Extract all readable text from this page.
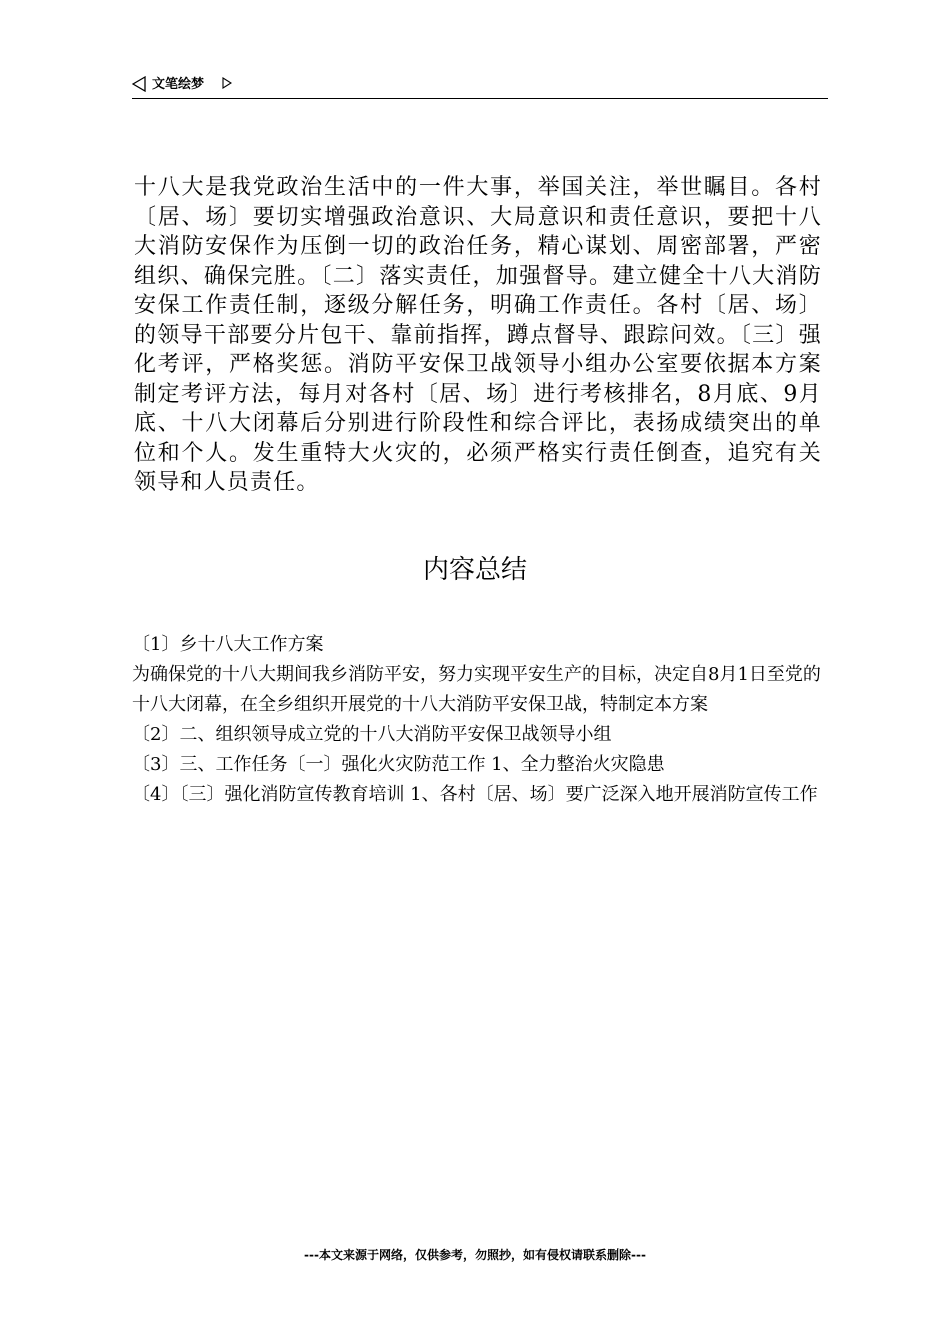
文笔绘梦

十八大是我党政治生活中的一件大事，举国关注，举世瞩目。各村〔居、场〕要切实增强政治意识、大局意识和责任意识，要把十八大消防安保作为压倒一切的政治任务，精心谋划、周密部署，严密组织、确保完胜。〔二〕落实责任，加强督导。建立健全十八大消防安保工作责任制，逐级分解任务，明确工作责任。各村〔居、场〕的领导干部要分片包干、靠前指挥，蹲点督导、跟踪问效。〔三〕强化考评，严格奖惩。消防平安保卫战领导小组办公室要依据本方案制定考评方法，每月对各村〔居、场〕进行考核排名，8月底、9月底、十八大闭幕后分别进行阶段性和综合评比，表扬成绩突出的单位和个人。发生重特大火灾的，必须严格实行责任倒查，追究有关领导和人员责任。

内容总结
〔1〕乡十八大工作方案
为确保党的十八大期间我乡消防平安，努力实现平安生产的目标，决定自8月1日至党的十八大闭幕，在全乡组织开展党的十八大消防平安保卫战，特制定本方案
〔2〕二、组织领导成立党的十八大消防平安保卫战领导小组
〔3〕三、工作任务〔一〕强化火灾防范工作 1、全力整治火灾隐患
〔4〕〔三〕强化消防宣传教育培训 1、各村〔居、场〕要广泛深入地开展消防宣传工作
---本文来源于网络，仅供参考，勿照抄，如有侵权请联系删除---
